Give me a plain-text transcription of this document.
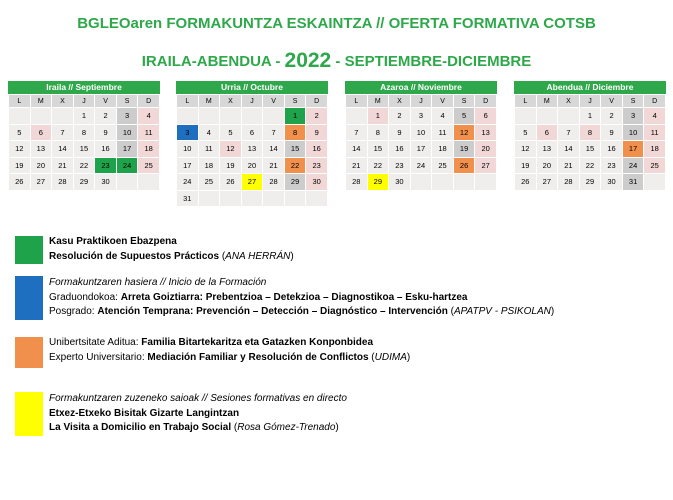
BGLEOaren FORMAKUNTZA ESKAINTZA // OFERTA FORMATIVA COTSB
IRAILA-ABENDUA - 2022 - SEPTIEMBRE-DICIEMBRE
Iraila // Septiembre
L	M	X	J	V	S	D
			1	2	3	4
5	6	7	8	9	10	11
12	13	14	15	16	17	18
19	20	21	22	23	24	25
26	27	28	29	30		
Urria // Octubre
L	M	X	J	V	S	D
					1	2
3	4	5	6	7	8	9
10	11	12	13	14	15	16
17	18	19	20	21	22	23
24	25	26	27	28	29	30
31						
Azaroa // Noviembre
L	M	X	J	V	S	D
	1	2	3	4	5	6
7	8	9	10	11	12	13
14	15	16	17	18	19	20
21	22	23	24	25	26	27
28	29	30				
Abendua // Diciembre
L	M	X	J	V	S	D
			1	2	3	4
5	6	7	8	9	10	11
12	13	14	15	16	17	18
19	20	21	22	23	24	25
26	27	28	29	30	31	
Kasu Praktikoen Ebazpena
Resolución de Supuestos Prácticos (ANA HERRÁN)
Formakuntzaren hasiera // Inicio de la Formación
Graduondokoa: Arreta Goiztiarra: Prebentzioa – Detekzioa – Diagnostikoa – Esku-hartzea
Posgrado: Atención Temprana: Prevención – Detección – Diagnóstico – Intervención (APATPV - PSIKOLAN)
Unibertsitate Aditua: Familia Bitartekaritza eta Gatazken Konponbidea
Experto Universitario: Mediación Familiar y Resolución de Conflictos (UDIMA)
Formakuntzaren zuzeneko saioak // Sesiones formativas en directo
Etxez-Etxeko Bisitak Gizarte Langintzan
La Visita a Domicilio en Trabajo Social (Rosa Gómez-Trenado)
